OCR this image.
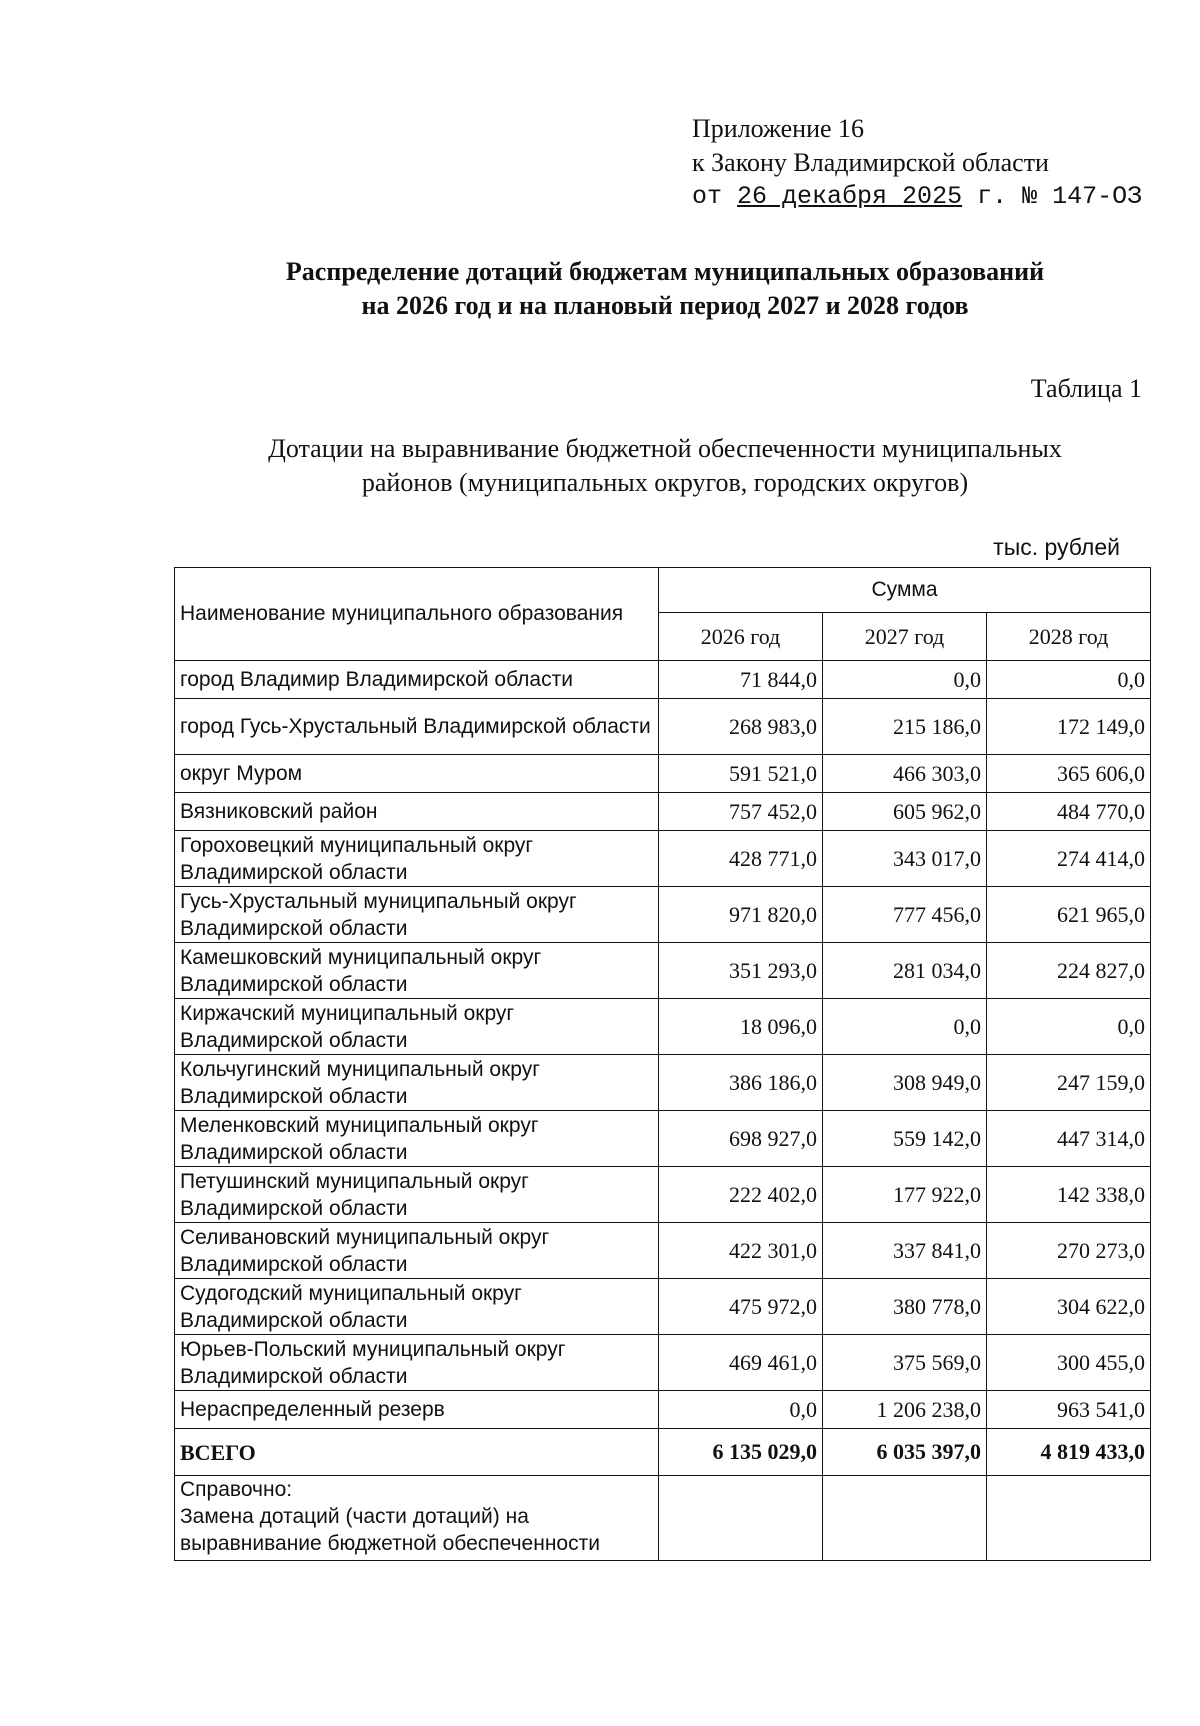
Приложение 16
к Закону Владимирской области
от 26 декабря 2025 г. № 147-ОЗ
Распределение дотаций бюджетам муниципальных образований
на 2026 год и на плановый период 2027 и 2028 годов
Таблица 1
Дотации на выравнивание бюджетной обеспеченности муниципальных
районов (муниципальных округов, городских округов)
тыс. рублей
Наименование муниципального образования	Сумма		
	2026 год	2027 год	2028 год
город Владимир Владимирской области	71 844,0	0,0	0,0
город Гусь-Хрустальный Владимирской области	268 983,0	215 186,0	172 149,0
округ Муром	591 521,0	466 303,0	365 606,0
Вязниковский район	757 452,0	605 962,0	484 770,0
Гороховецкий муниципальный округ Владимирской области	428 771,0	343 017,0	274 414,0
Гусь-Хрустальный муниципальный округ Владимирской области	971 820,0	777 456,0	621 965,0
Камешковский муниципальный округ Владимирской области	351 293,0	281 034,0	224 827,0
Киржачский муниципальный округ Владимирской области	18 096,0	0,0	0,0
Кольчугинский муниципальный округ Владимирской области	386 186,0	308 949,0	247 159,0
Меленковский муниципальный округ Владимирской области	698 927,0	559 142,0	447 314,0
Петушинский муниципальный округ Владимирской области	222 402,0	177 922,0	142 338,0
Селивановский муниципальный округ Владимирской области	422 301,0	337 841,0	270 273,0
Судогодский муниципальный округ Владимирской области	475 972,0	380 778,0	304 622,0
Юрьев-Польский муниципальный округ Владимирской области	469 461,0	375 569,0	300 455,0
Нераспределенный резерв	0,0	1 206 238,0	963 541,0
ВСЕГО	6 135 029,0	6 035 397,0	4 819 433,0

Справочно:
Замена дотаций (части дотаций) на
выравнивание бюджетной обеспеченности			
